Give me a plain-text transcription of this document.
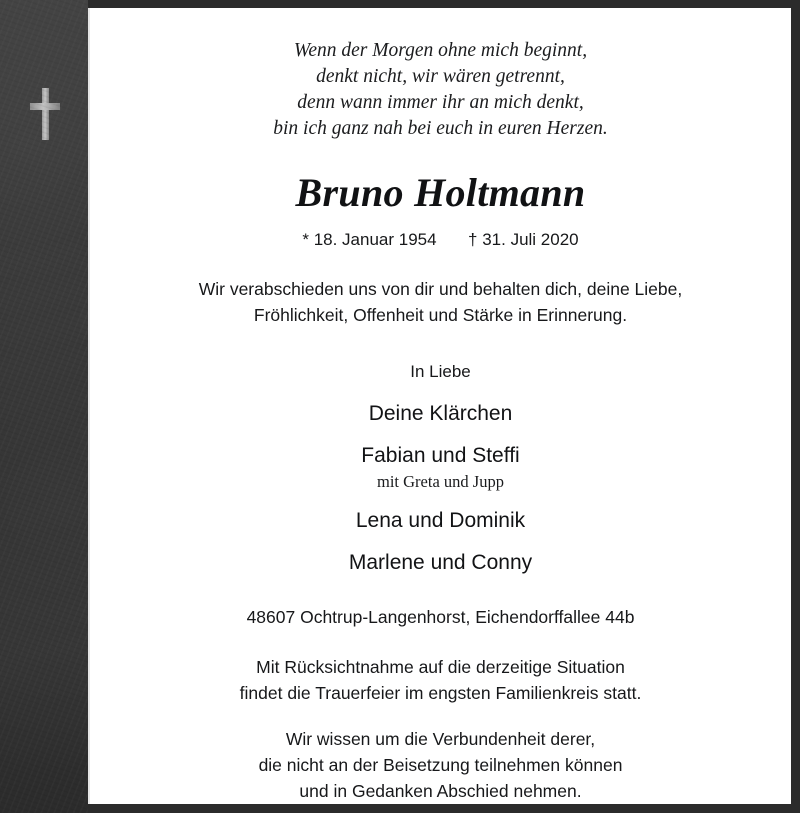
Wenn der Morgen ohne mich beginnt,
denkt nicht, wir wären getrennt,
denn wann immer ihr an mich denkt,
bin ich ganz nah bei euch in euren Herzen.
Bruno Holtmann
* 18. Januar 1954 † 31. Juli 2020
Wir verabschieden uns von dir und behalten dich, deine Liebe,
Fröhlichkeit, Offenheit und Stärke in Erinnerung.
In Liebe
Deine Klärchen
Fabian und Steffi
mit Greta und Jupp
Lena und Dominik
Marlene und Conny
48607 Ochtrup-Langenhorst, Eichendorffallee 44b
Mit Rücksichtnahme auf die derzeitige Situation
findet die Trauerfeier im engsten Familienkreis statt.
Wir wissen um die Verbundenheit derer,
die nicht an der Beisetzung teilnehmen können
und in Gedanken Abschied nehmen.
